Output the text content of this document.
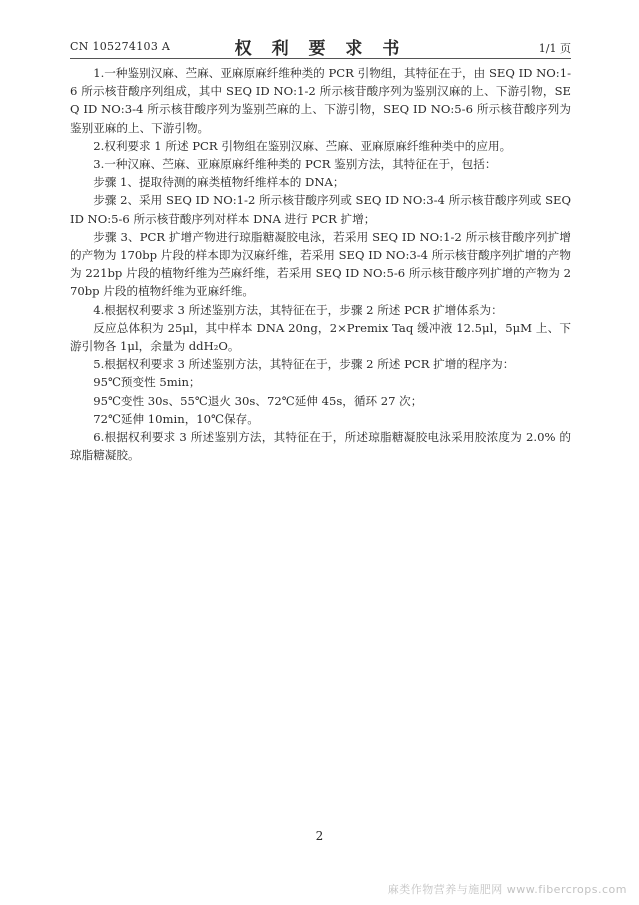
CN 105274103 A	权 利 要 求 书	1/1 页

1.一种鉴别汉麻、苎麻、亚麻原麻纤维种类的 PCR 引物组，其特征在于，由 SEQ ID NO:1-6 所示核苷酸序列组成，其中 SEQ ID NO:1-2 所示核苷酸序列为鉴别汉麻的上、下游引物，SEQ ID NO:3-4 所示核苷酸序列为鉴别苎麻的上、下游引物，SEQ ID NO:5-6 所示核苷酸序列为鉴别亚麻的上、下游引物。

2.权利要求 1 所述 PCR 引物组在鉴别汉麻、苎麻、亚麻原麻纤维种类中的应用。

3.一种汉麻、苎麻、亚麻原麻纤维种类的 PCR 鉴别方法，其特征在于，包括：

步骤 1、提取待测的麻类植物纤维样本的 DNA；

步骤 2、采用 SEQ ID NO:1-2 所示核苷酸序列或 SEQ ID NO:3-4 所示核苷酸序列或 SEQ ID NO:5-6 所示核苷酸序列对样本 DNA 进行 PCR 扩增；

步骤 3、PCR 扩增产物进行琼脂糖凝胶电泳，若采用 SEQ ID NO:1-2 所示核苷酸序列扩增的产物为 170bp 片段的样本即为汉麻纤维，若采用 SEQ ID NO:3-4 所示核苷酸序列扩增的产物为 221bp 片段的植物纤维为苎麻纤维，若采用 SEQ ID NO:5-6 所示核苷酸序列扩增的产物为 270bp 片段的植物纤维为亚麻纤维。

4.根据权利要求 3 所述鉴别方法，其特征在于，步骤 2 所述 PCR 扩增体系为：

反应总体积为 25μl，其中样本 DNA 20ng，2×Premix Taq 缓冲液 12.5μl，5μM 上、下游引物各 1μl，余量为 ddH₂O。

5.根据权利要求 3 所述鉴别方法，其特征在于，步骤 2 所述 PCR 扩增的程序为：

95℃预变性 5min；

95℃变性 30s、55℃退火 30s、72℃延伸 45s，循环 27 次；

72℃延伸 10min，10℃保存。

6.根据权利要求 3 所述鉴别方法，其特征在于，所述琼脂糖凝胶电泳采用胶浓度为 2.0% 的琼脂糖凝胶。

2
麻类作物营养与施肥网 www.fibercrops.com
